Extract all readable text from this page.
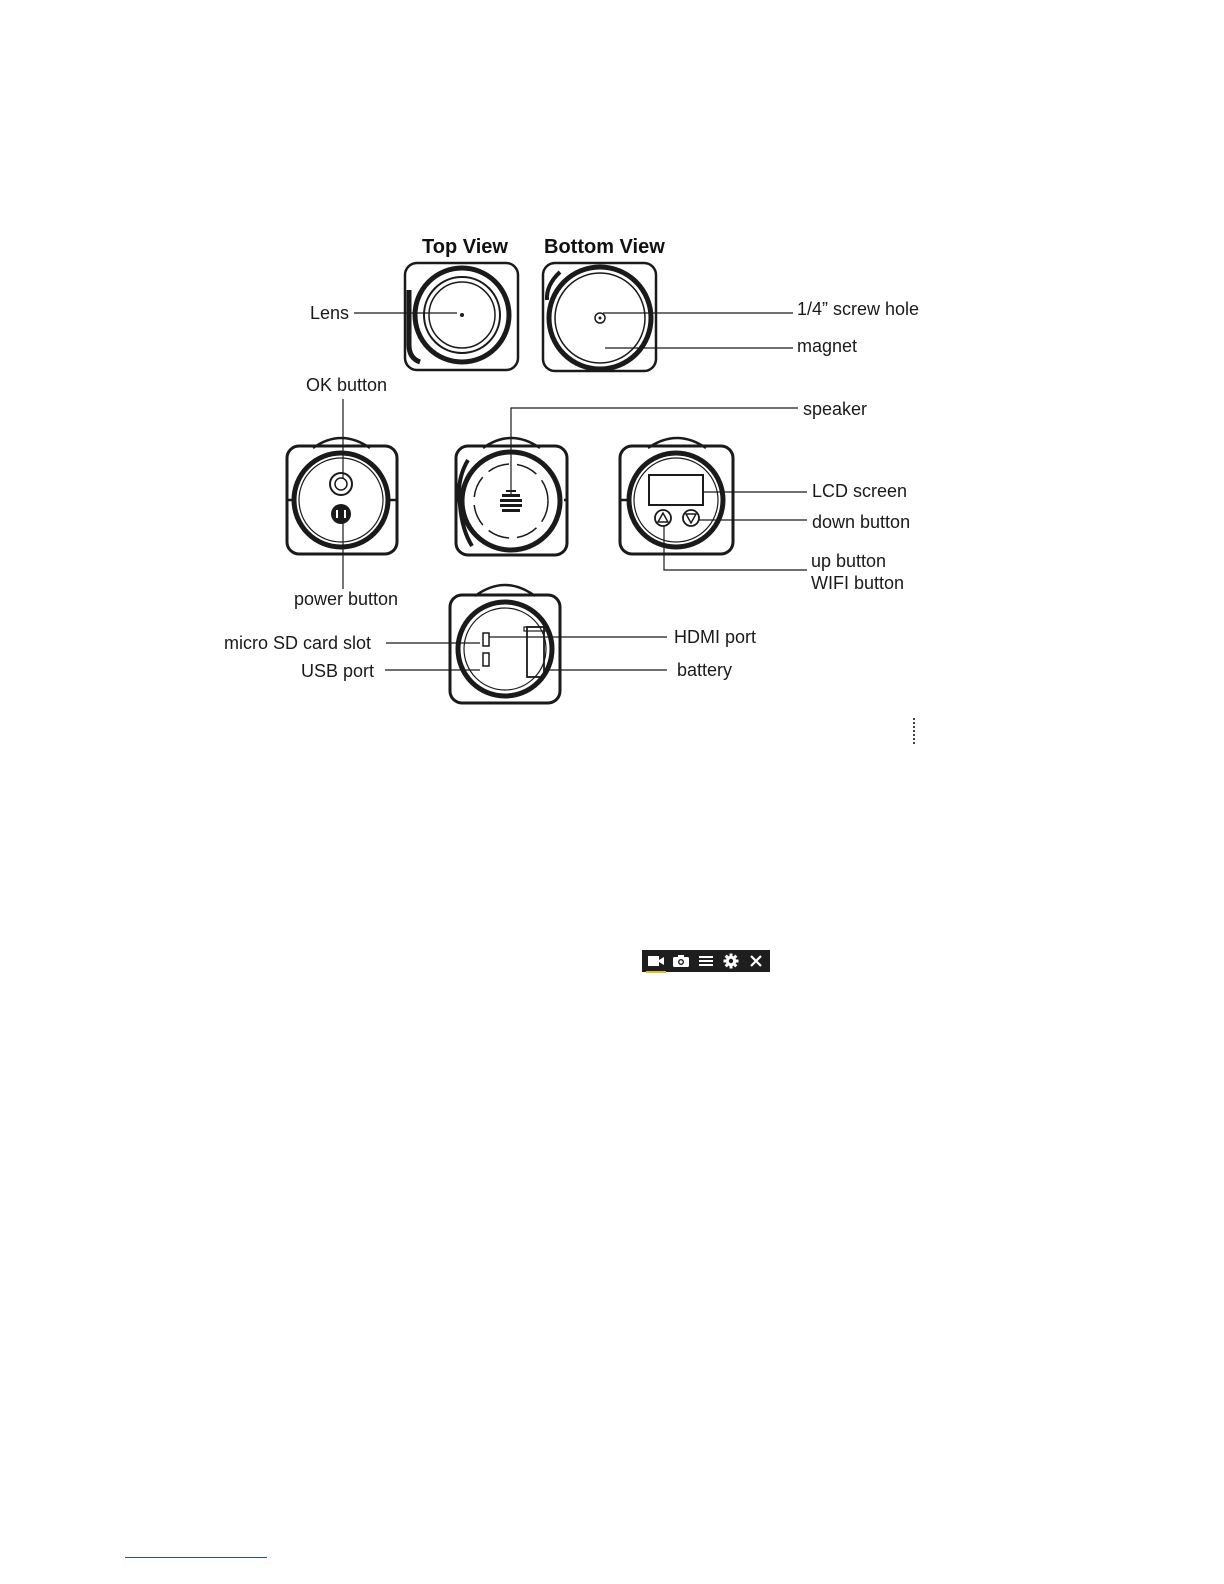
Top View Bottom View
Lens	1/4” screw hole
magnet
OK button
power button
speaker
LCD screen
down button
up button
WIFI button
micro SD card slot
USB port
HDMI port
battery
